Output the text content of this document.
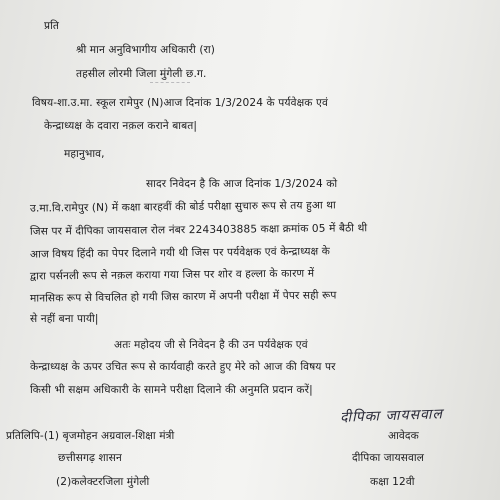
प्रति
श्री मान अनुविभागीय अधिकारी (रा)
तहसील लोरमी जिला मुंगेली छ.ग.
विषय-शा.उ.मा. स्कूल रामेपुर (N)आज दिनांक 1/3/2024 के पर्यवेक्षक एवं
केन्द्राध्यक्ष के दवारा नक़ल कराने बाबत|
महानुभाव,
सादर निवेदन है कि आज दिनांक 1/3/2024 को
उ.मा.वि.रामेपुर (N) में कक्षा बारहवीं की बोर्ड परीक्षा सुचारु रूप से तय हुआ था
जिस पर में दीपिका जायसवाल रोल नंबर 2243403885 कक्षा क्रमांक 05 में बैठी थी
आज विषय हिंदी का पेपर दिलाने गयी थी जिस पर पर्यवेक्षक एवं केन्द्राध्यक्ष के
द्वारा पर्सनली रूप से नक़ल कराया गया जिस पर शोर व हल्ला के कारण में
मानसिक रूप से विचलित हो गयी जिस कारण में अपनी परीक्षा में पेपर सही रूप
से नहीं बना पायी|
अतः महोदय जी से निवेदन है की उन पर्यवेक्षक एवं
केन्द्राध्यक्ष के ऊपर उचित रूप से कार्यवाही करते हुए मेरे को आज की विषय पर
किसी भी सक्षम अधिकारी के सामने परीक्षा दिलाने की अनुमति प्रदान करें|
दीपिका जायसवाल
प्रतिलिपि-(1) बृजमोहन अग्रवाल-शिक्षा मंत्री	आवेदक
छत्तीसगढ़ शासन	दीपिका जायसवाल
(2)कलेक्टरजिला मुंगेली	कक्षा 12वी
